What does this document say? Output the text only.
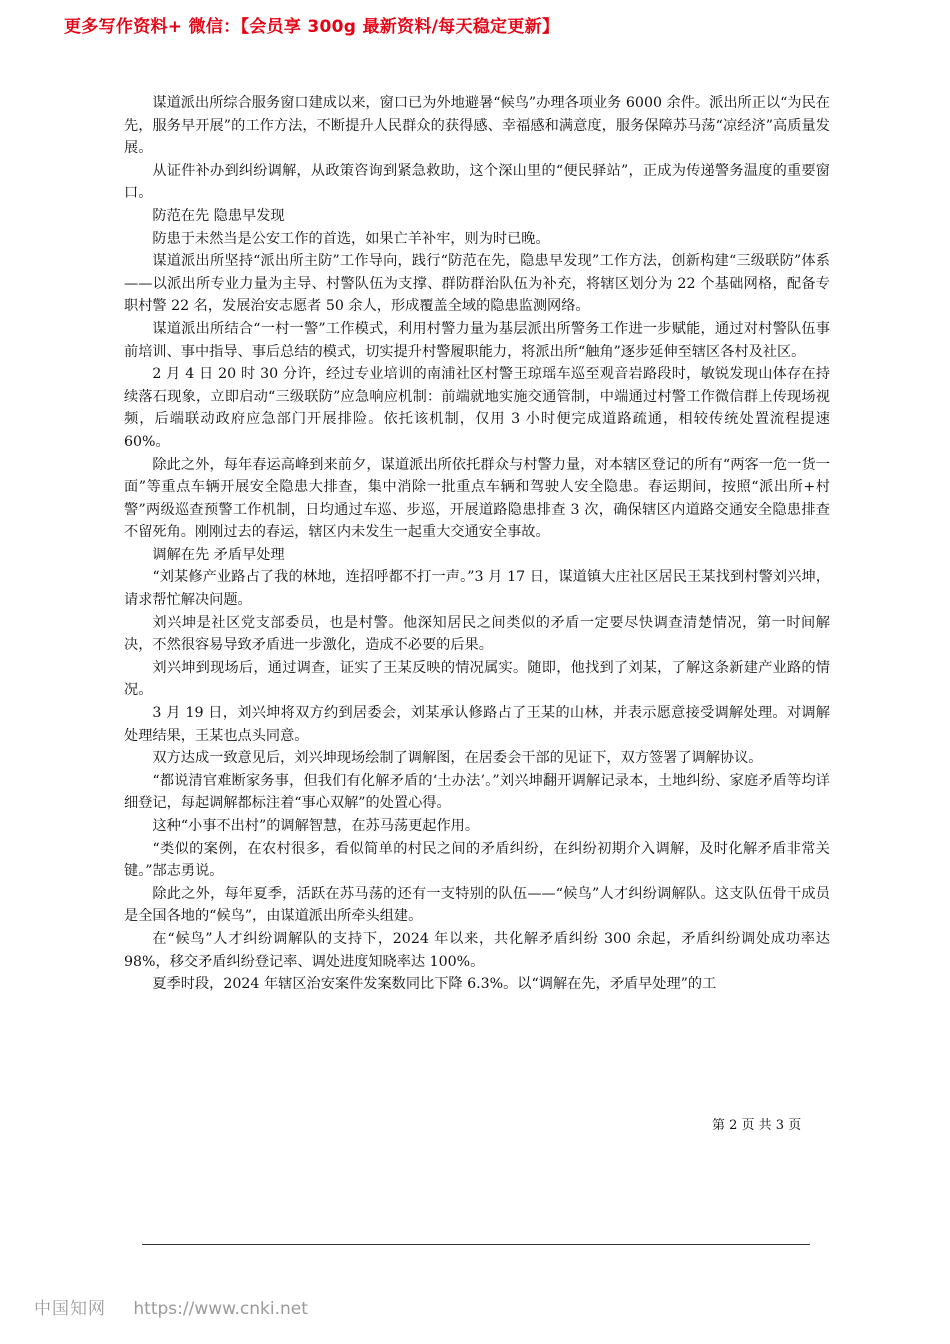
更多写作资料+ 微信：【会员享 300g 最新资料/每天稳定更新】

谋道派出所综合服务窗口建成以来，窗口已为外地避暑“候鸟”办理各项业务 6000 余件。派出所正以“为民在先，服务早开展”的工作方法，不断提升人民群众的获得感、幸福感和满意度，服务保障苏马荡“凉经济”高质量发展。

从证件补办到纠纷调解，从政策咨询到紧急救助，这个深山里的“便民驿站”，正成为传递警务温度的重要窗口。

防范在先 隐患早发现

防患于未然当是公安工作的首选，如果亡羊补牢，则为时已晚。

谋道派出所坚持“派出所主防”工作导向，践行“防范在先，隐患早发现”工作方法，创新构建“三级联防”体系——以派出所专业力量为主导、村警队伍为支撑、群防群治队伍为补充，将辖区划分为 22 个基础网格，配备专职村警 22 名，发展治安志愿者 50 余人，形成覆盖全域的隐患监测网络。

谋道派出所结合“一村一警”工作模式，利用村警力量为基层派出所警务工作进一步赋能，通过对村警队伍事前培训、事中指导、事后总结的模式，切实提升村警履职能力，将派出所“触角”逐步延伸至辖区各村及社区。

2 月 4 日 20 时 30 分许，经过专业培训的南浦社区村警王琼瑶车巡至观音岩路段时，敏锐发现山体存在持续落石现象，立即启动“三级联防”应急响应机制：前端就地实施交通管制，中端通过村警工作微信群上传现场视频，后端联动政府应急部门开展排险。依托该机制，仅用 3 小时便完成道路疏通，相较传统处置流程提速 60%。

除此之外，每年春运高峰到来前夕，谋道派出所依托群众与村警力量，对本辖区登记的所有“两客一危一货一面”等重点车辆开展安全隐患大排查，集中消除一批重点车辆和驾驶人安全隐患。春运期间，按照“派出所+村警”两级巡查预警工作机制，日均通过车巡、步巡，开展道路隐患排查 3 次，确保辖区内道路交通安全隐患排查不留死角。刚刚过去的春运，辖区内未发生一起重大交通安全事故。

调解在先 矛盾早处理

“刘某修产业路占了我的林地，连招呼都不打一声。”3 月 17 日，谋道镇大庄社区居民王某找到村警刘兴坤，请求帮忙解决问题。

刘兴坤是社区党支部委员，也是村警。他深知居民之间类似的矛盾一定要尽快调查清楚情况，第一时间解决，不然很容易导致矛盾进一步激化，造成不必要的后果。

刘兴坤到现场后，通过调查，证实了王某反映的情况属实。随即，他找到了刘某，了解这条新建产业路的情况。

3 月 19 日，刘兴坤将双方约到居委会，刘某承认修路占了王某的山林，并表示愿意接受调解处理。对调解处理结果，王某也点头同意。

双方达成一致意见后，刘兴坤现场绘制了调解图，在居委会干部的见证下，双方签署了调解协议。

“都说清官难断家务事，但我们有化解矛盾的‘土办法’。”刘兴坤翻开调解记录本，土地纠纷、家庭矛盾等均详细登记，每起调解都标注着“事心双解”的处置心得。

这种“小事不出村”的调解智慧，在苏马荡更起作用。

“类似的案例，在农村很多，看似简单的村民之间的矛盾纠纷，在纠纷初期介入调解，及时化解矛盾非常关键。”郜志勇说。

除此之外，每年夏季，活跃在苏马荡的还有一支特别的队伍——“候鸟”人才纠纷调解队。这支队伍骨干成员是全国各地的“候鸟”，由谋道派出所牵头组建。

在“候鸟”人才纠纷调解队的支持下，2024 年以来，共化解矛盾纠纷 300 余起，矛盾纠纷调处成功率达 98%，移交矛盾纠纷登记率、调处进度知晓率达 100%。

夏季时段，2024 年辖区治安案件发案数同比下降 6.3%。以“调解在先，矛盾早处理”的工

第 2 页 共 3 页
中国知网 https://www.cnki.net
